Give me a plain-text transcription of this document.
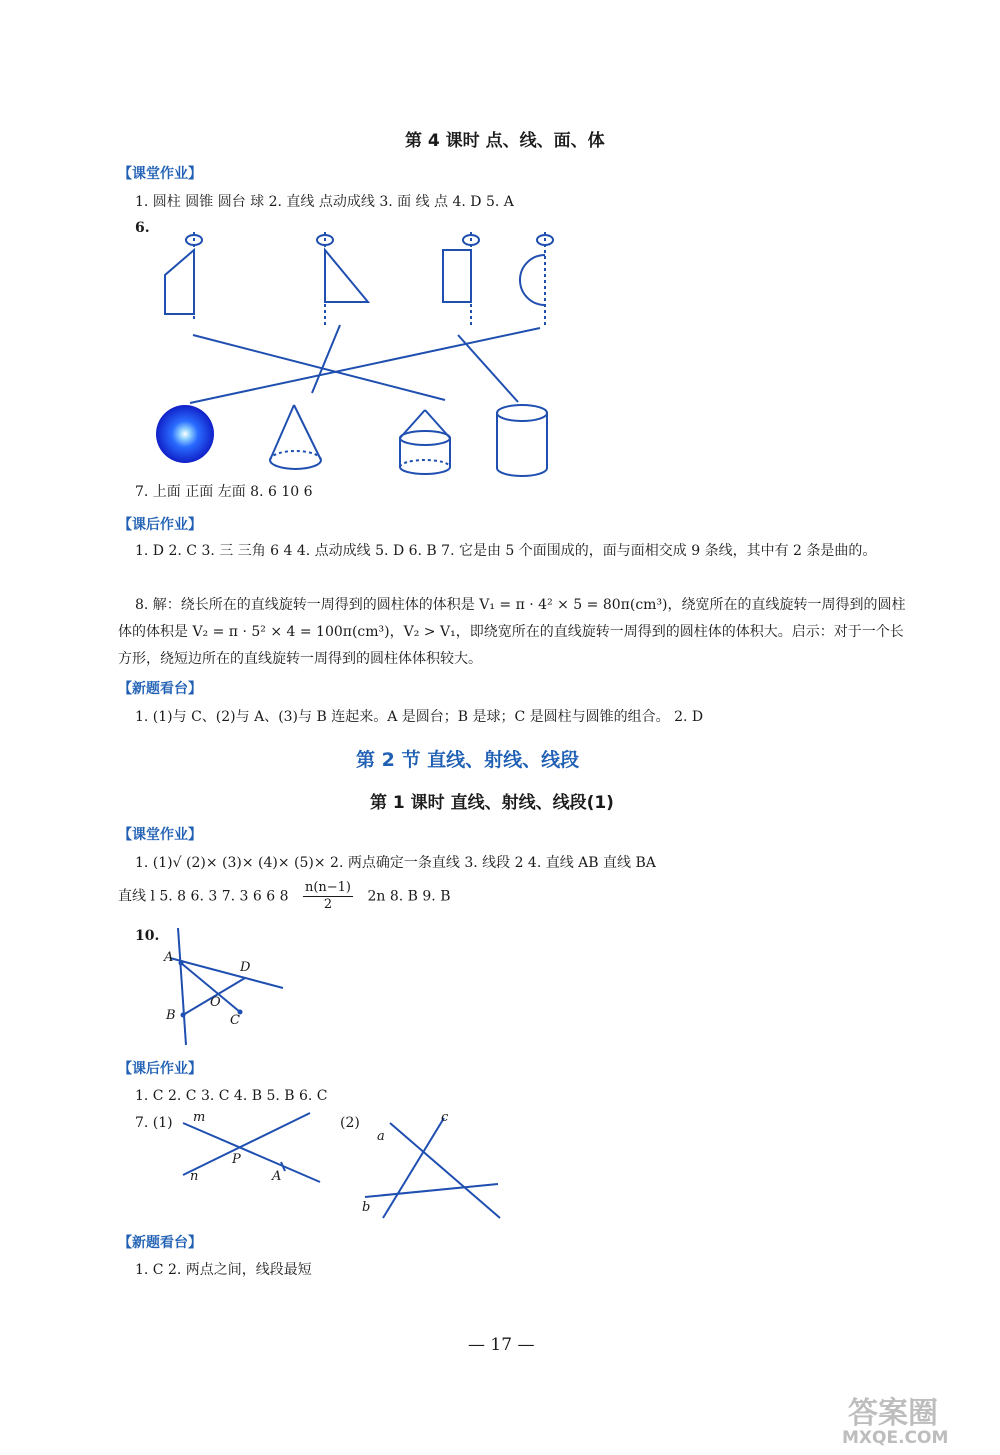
第 4 课时 点、线、面、体
【课堂作业】
1. 圆柱 圆锥 圆台 球 2. 直线 点动成线 3. 面 线 点 4. D 5. A
6.
7. 上面 正面 左面 8. 6 10 6
【课后作业】
1. D 2. C 3. 三 三角 6 4 4. 点动成线 5. D 6. B 7. 它是由 5 个面围成的，面与面相交成 9 条线，其中有 2 条是曲的。
8. 解：绕长所在的直线旋转一周得到的圆柱体的体积是 V₁ = π · 4² × 5 = 80π(cm³)，绕宽所在的直线旋转一周得到的圆柱体的体积是 V₂ = π · 5² × 4 = 100π(cm³)，V₂ > V₁，即绕宽所在的直线旋转一周得到的圆柱体的体积大。启示：对于一个长方形，绕短边所在的直线旋转一周得到的圆柱体体积较大。
【新题看台】
1. (1)与 C、(2)与 A、(3)与 B 连起来。A 是圆台；B 是球；C 是圆柱与圆锥的组合。 2. D
第 2 节 直线、射线、线段
第 1 课时 直线、射线、线段(1)
【课堂作业】
1. (1)√ (2)× (3)× (4)× (5)× 2. 两点确定一条直线 3. 线段 2 4. 直线 AB 直线 BA
直线 l 5. 8 6. 3 7. 3 6 6 $8 \frac{n(n-1)}{2} 2n$ 8. B 9. B
10.
A
D
O
B	C
【课后作业】
1. C 2. C 3. C 4. B 5. B 6. C
7. (1)	(2)
m
P
n	A
c
a
b
【新题看台】
1. C 2. 两点之间，线段最短
— 17 —
答案圈
MXQE.COM
